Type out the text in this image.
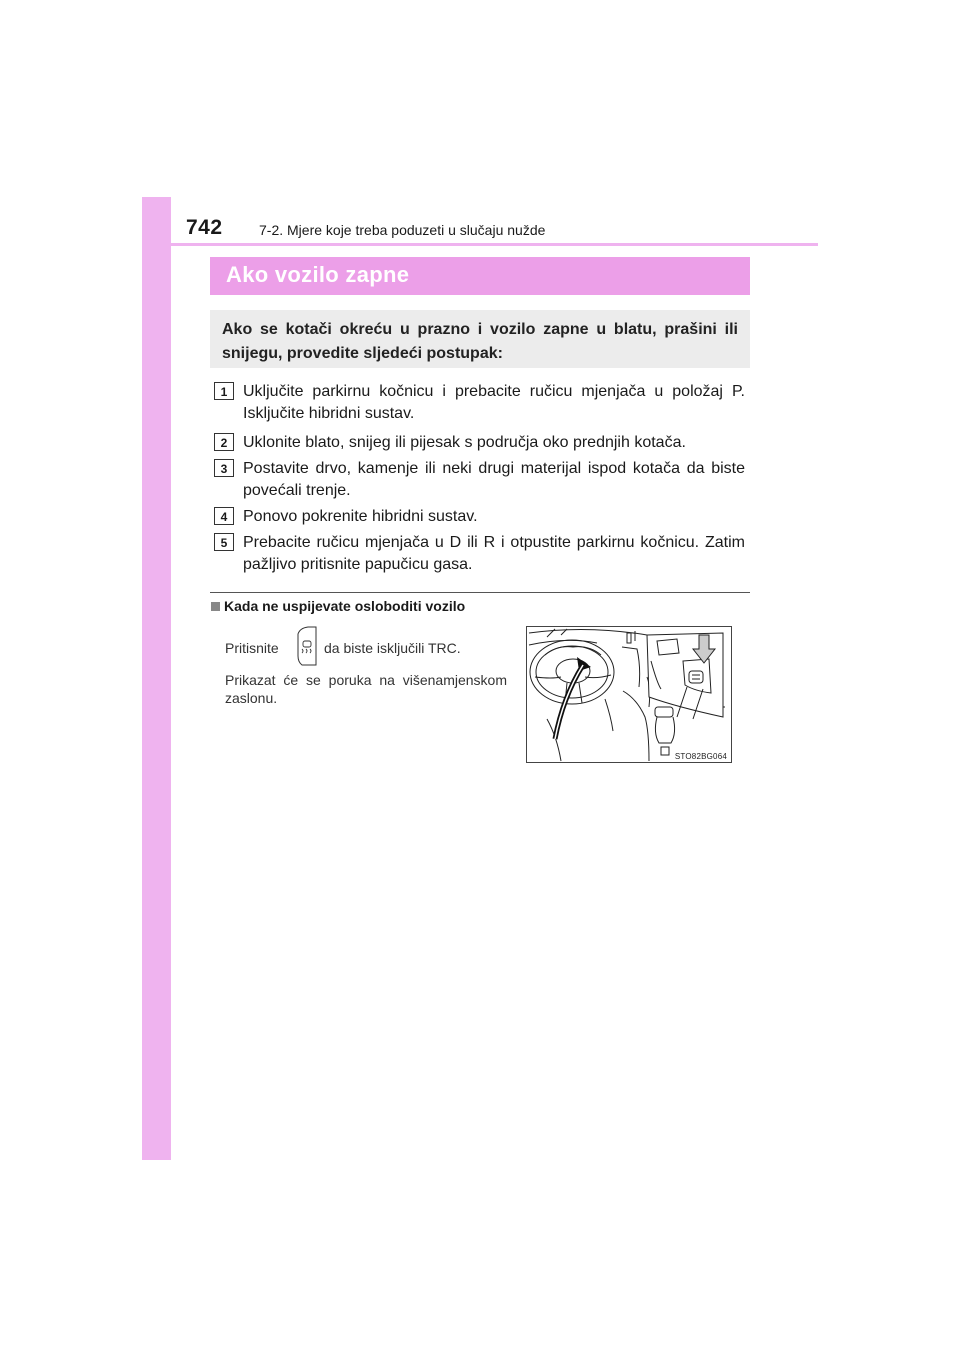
742	7-2. Mjere koje treba poduzeti u slučaju nužde
Ako vozilo zapne
Ako se kotači okreću u prazno i vozilo zapne u blatu, prašini ili snijegu, provedite sljedeći postupak:
1 Uključite parkirnu kočnicu i prebacite ručicu mjenjača u položaj P. Isključite hibridni sustav.
2 Uklonite blato, snijeg ili pijesak s područja oko prednjih kotača.
3 Postavite drvo, kamenje ili neki drugi materijal ispod kotača da biste povećali trenje.
4 Ponovo pokrenite hibridni sustav.
5 Prebacite ručicu mjenjača u D ili R i otpustite parkirnu kočnicu. Zatim pažljivo pritisnite papučicu gasa.
Kada ne uspijevate osloboditi vozilo
Pritisnite	da biste isključili TRC.
Prikazat će se poruka na višenamjenskom zaslonu.
STO82BG064
